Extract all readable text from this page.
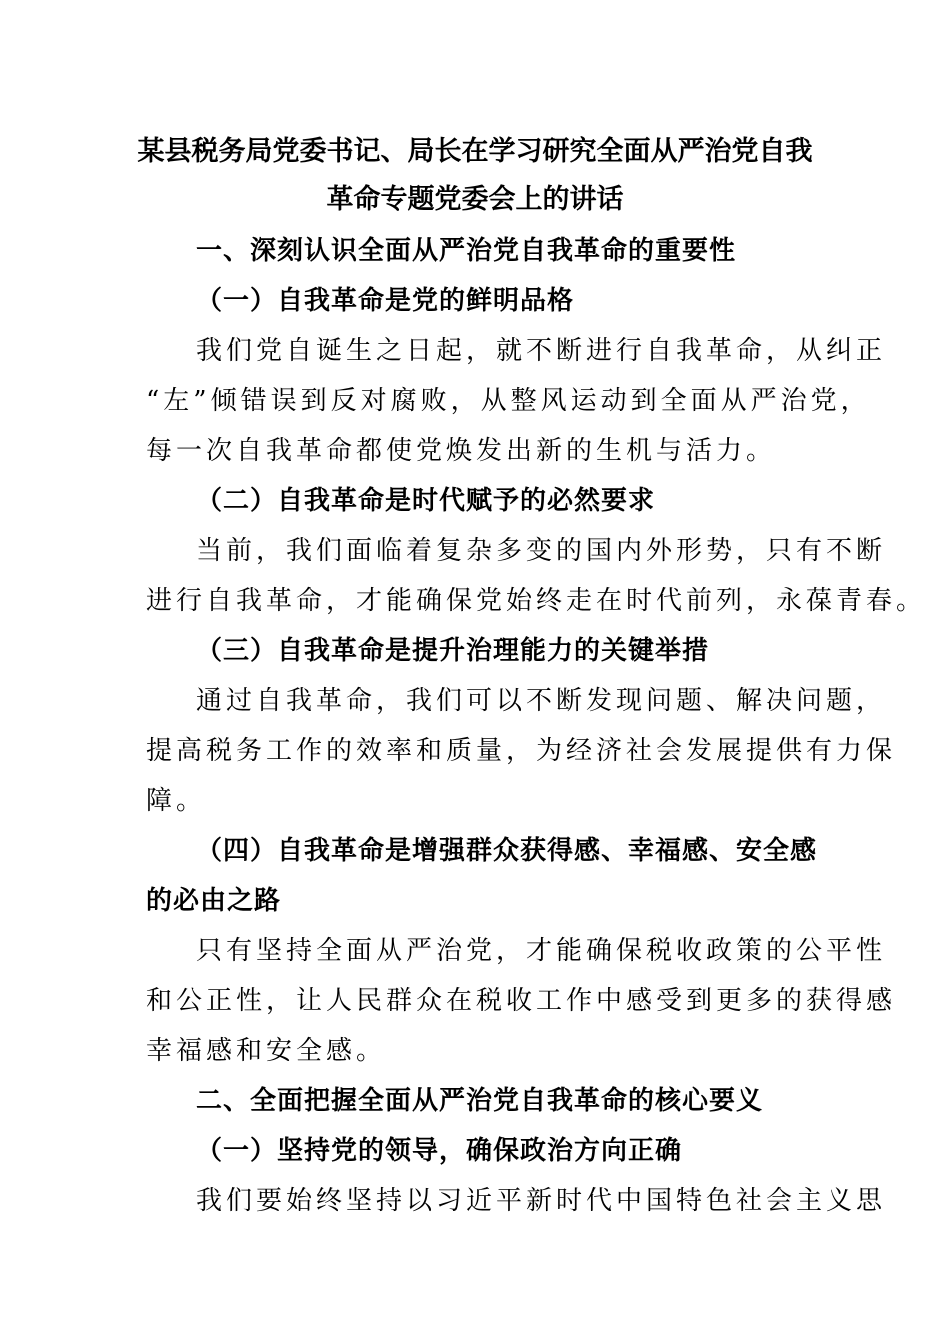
某县税务局党委书记、局长在学习研究全面从严治党自我
革命专题党委会上的讲话
一、深刻认识全面从严治党自我革命的重要性
（一）自我革命是党的鲜明品格
我们党自诞生之日起，就不断进行自我革命，从纠正
“左”倾错误到反对腐败，从整风运动到全面从严治党，
每一次自我革命都使党焕发出新的生机与活力。
（二）自我革命是时代赋予的必然要求
当前，我们面临着复杂多变的国内外形势，只有不断
进行自我革命，才能确保党始终走在时代前列，永葆青春。
（三）自我革命是提升治理能力的关键举措
通过自我革命，我们可以不断发现问题、解决问题，
提高税务工作的效率和质量，为经济社会发展提供有力保
障。
（四）自我革命是增强群众获得感、幸福感、安全感
的必由之路
只有坚持全面从严治党，才能确保税收政策的公平性
和公正性，让人民群众在税收工作中感受到更多的获得感
幸福感和安全感。
二、全面把握全面从严治党自我革命的核心要义
（一）坚持党的领导，确保政治方向正确
我们要始终坚持以习近平新时代中国特色社会主义思
